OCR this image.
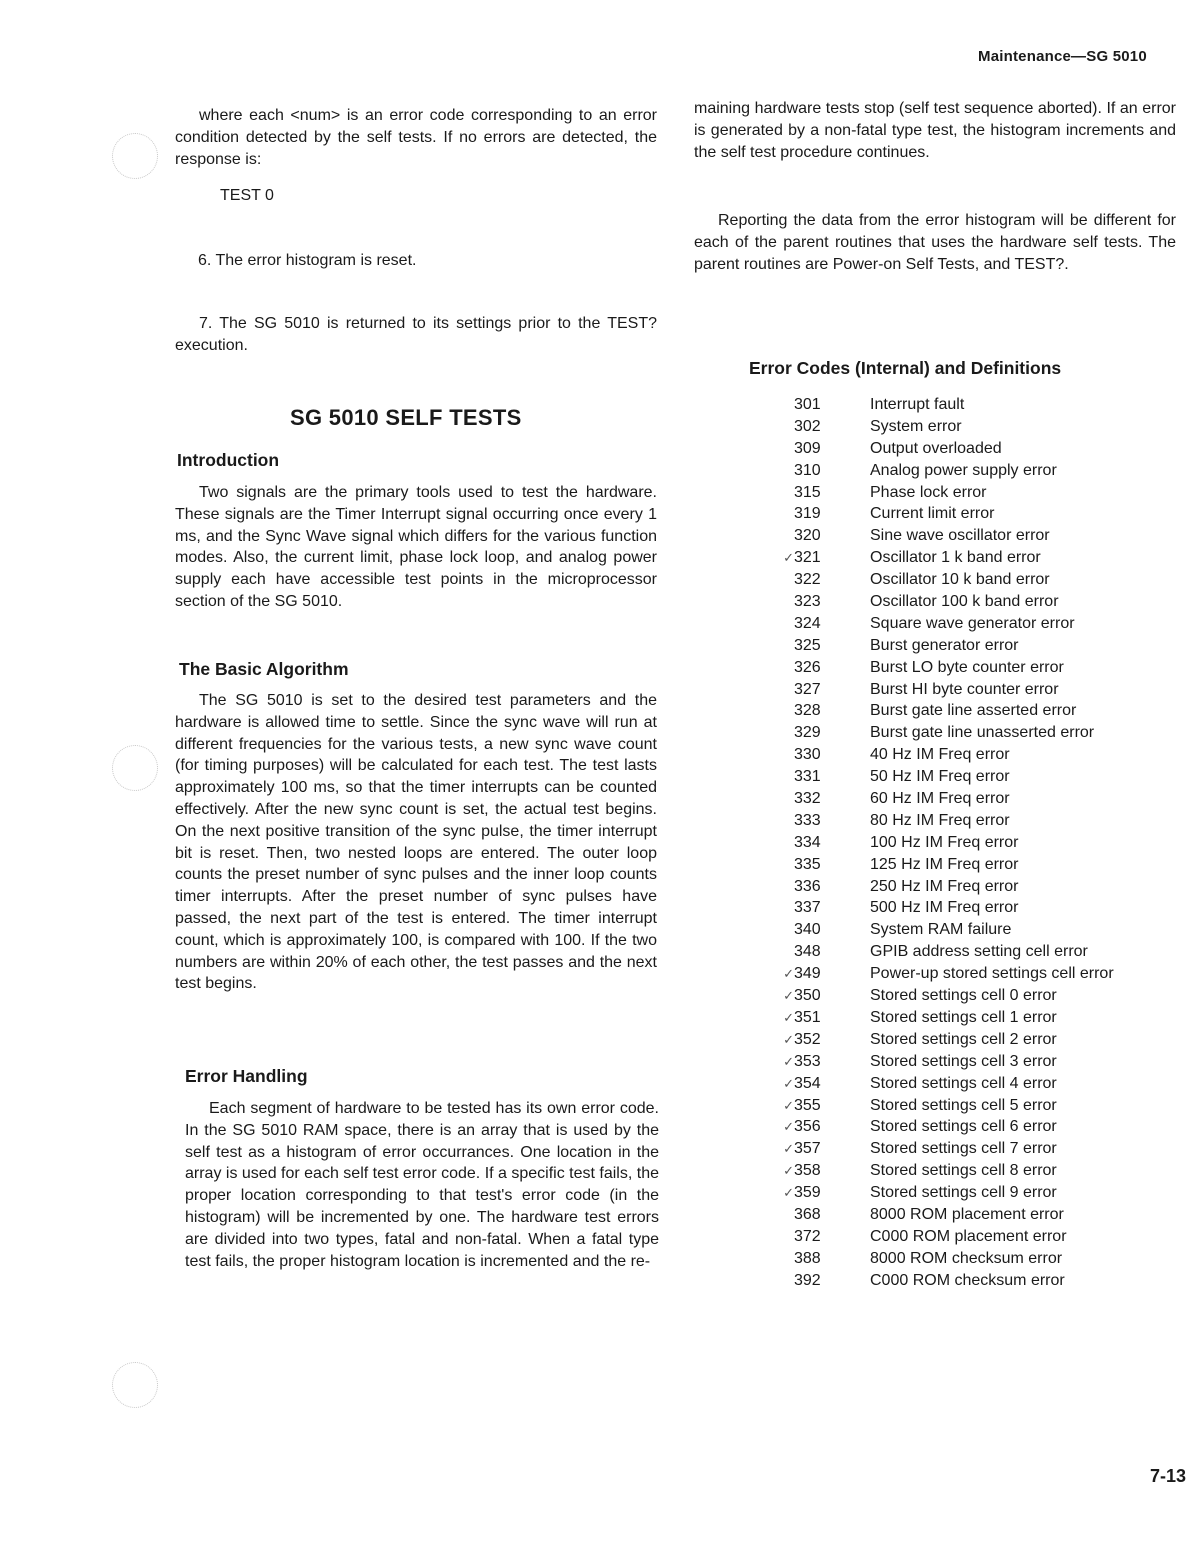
Maintenance—SG 5010

where each <num> is an error code corresponding to an error condition detected by the self tests. If no errors are detected, the response is:

TEST 0
6. The error histogram is reset.

7. The SG 5010 is returned to its settings prior to the TEST? execution.

SG 5010 SELF TESTS
Introduction

Two signals are the primary tools used to test the hardware. These signals are the Timer Interrupt signal occurring once every 1 ms, and the Sync Wave signal which differs for the various function modes. Also, the current limit, phase lock loop, and analog power supply each have accessible test points in the microprocessor section of the SG 5010.

The Basic Algorithm

The SG 5010 is set to the desired test parameters and the hardware is allowed time to settle. Since the sync wave will run at different frequencies for the various tests, a new sync wave count (for timing purposes) will be calculated for each test. The test lasts approximately 100 ms, so that the timer interrupts can be counted effectively. After the new sync count is set, the actual test begins. On the next positive transition of the sync pulse, the timer interrupt bit is reset. Then, two nested loops are entered. The outer loop counts the preset number of sync pulses and the inner loop counts timer interrupts. After the preset number of sync pulses have passed, the next part of the test is entered. The timer interrupt count, which is approximately 100, is compared with 100. If the two numbers are within 20% of each other, the test passes and the next test begins.

Error Handling

Each segment of hardware to be tested has its own error code. In the SG 5010 RAM space, there is an array that is used by the self test as a histogram of error occurrances. One location in the array is used for each self test error code. If a specific test fails, the proper location corresponding to that test's error code (in the histogram) will be incremented by one. The hardware test errors are divided into two types, fatal and non-fatal. When a fatal type test fails, the proper histogram location is incremented and the re-

maining hardware tests stop (self test sequence aborted). If an error is generated by a non-fatal type test, the histogram increments and the self test procedure continues.

Reporting the data from the error histogram will be different for each of the parent routines that uses the hardware self tests. The parent routines are Power-on Self Tests, and TEST?.

Error Codes (Internal) and Definitions
301	Interrupt fault
302	System error
309	Output overloaded
310	Analog power supply error
315	Phase lock error
319	Current limit error
320	Sine wave oscillator error
✓ 321	Oscillator 1 k band error
322	Oscillator 10 k band error
323	Oscillator 100 k band error
324	Square wave generator error
325	Burst generator error
326	Burst LO byte counter error
327	Burst HI byte counter error
328	Burst gate line asserted error
329	Burst gate line unasserted error
330	40 Hz IM Freq error
331	50 Hz IM Freq error
332	60 Hz IM Freq error
333	80 Hz IM Freq error
334	100 Hz IM Freq error
335	125 Hz IM Freq error
336	250 Hz IM Freq error
337	500 Hz IM Freq error
340	System RAM failure
348	GPIB address setting cell error
✓ 349	Power-up stored settings cell error
✓ 350	Stored settings cell 0 error
✓ 351	Stored settings cell 1 error
✓ 352	Stored settings cell 2 error
✓ 353	Stored settings cell 3 error
✓ 354	Stored settings cell 4 error
✓ 355	Stored settings cell 5 error
✓ 356	Stored settings cell 6 error
✓ 357	Stored settings cell 7 error
✓ 358	Stored settings cell 8 error
✓ 359	Stored settings cell 9 error
368	8000 ROM placement error
372	C000 ROM placement error
388	8000 ROM checksum error
392	C000 ROM checksum error
7-13
